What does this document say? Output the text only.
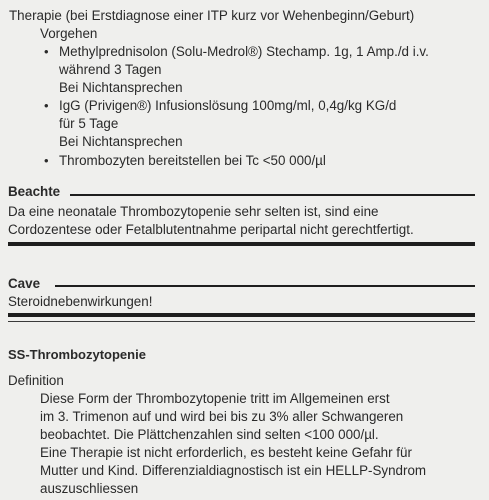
Therapie (bei Erstdiagnose einer ITP kurz vor Wehenbeginn/Geburt)
Vorgehen
• Methylprednisolon (Solu-Medrol®) Stechamp. 1g, 1 Amp./d i.v.
während 3 Tagen
Bei Nichtansprechen
• IgG (Privigen®) Infusionslösung 100mg/ml, 0,4g/kg KG/d
für 5 Tage
Bei Nichtansprechen
• Thrombozyten bereitstellen bei Tc <50 000/µl
Beachte
Da eine neonatale Thrombozytopenie sehr selten ist, sind eine
Cordozentese oder Fetalblutentnahme peripartal nicht gerechtfertigt.
Cave
Steroidnebenwirkungen!
SS-Thrombozytopenie
Definition
Diese Form der Thrombozytopenie tritt im Allgemeinen erst
im 3. Trimenon auf und wird bei bis zu 3% aller Schwangeren
beobachtet. Die Plättchenzahlen sind selten <100 000/µl.
Eine Therapie ist nicht erforderlich, es besteht keine Gefahr für
Mutter und Kind. Differenzialdiagnostisch ist ein HELLP-Syndrom
auszuschliessen
